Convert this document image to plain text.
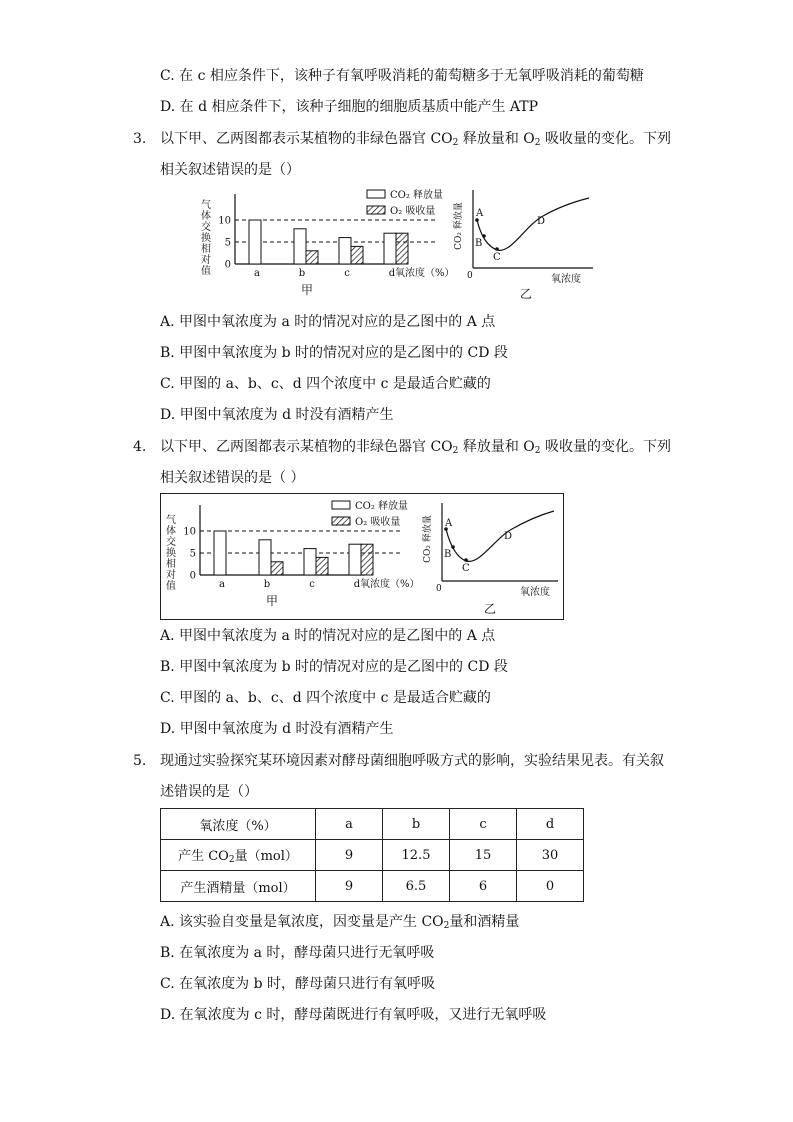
C. 在 c 相应条件下，该种子有氧呼吸消耗的葡萄糖多于无氧呼吸消耗的葡萄糖
D. 在 d 相应条件下，该种子细胞的细胞质基质中能产生 ATP
3. 以下甲、乙两图都表示某植物的非绿色器官 $CO_2$ 释放量和 $O_2$ 吸收量的变化。下列
相关叙述错误的是（）
气
体
交
换
相
对
值
10
5
0
a	b	c	d 氧浓度（%）
CO₂ 释放量
O₂ 吸收量
甲
CO₂ 释放量
0	氧浓度
A
B
C
D
乙
A. 甲图中氧浓度为 a 时的情况对应的是乙图中的 A 点
B. 甲图中氧浓度为 b 时的情况对应的是乙图中的 CD 段
C. 甲图的 a、b、c、d 四个浓度中 c 是最适合贮藏的
D. 甲图中氧浓度为 d 时没有酒精产生
4. 以下甲、乙两图都表示某植物的非绿色器官 $CO_2$ 释放量和 $O_2$ 吸收量的变化。下列
相关叙述错误的是（ ）
气
体
交
换
相
对
值
10
5
0
a	b	c	d 氧浓度（%）
CO₂ 释放量
O₂ 吸收量
甲
CO₂ 释放量
0	氧浓度
A
B
C
D
乙
A. 甲图中氧浓度为 a 时的情况对应的是乙图中的 A 点
B. 甲图中氧浓度为 b 时的情况对应的是乙图中的 CD 段
C. 甲图的 a、b、c、d 四个浓度中 c 是最适合贮藏的
D. 甲图中氧浓度为 d 时没有酒精产生
5. 现通过实验探究某环境因素对酵母菌细胞呼吸方式的影响，实验结果见表。有关叙
述错误的是（）
氧浓度（%）	a	b	c	d
产生 $CO_2$量（mol）	9	12.5	15	30
产生酒精量（mol）	9	6.5	6	0
A. 该实验自变量是氧浓度，因变量是产生 $CO_2$量和酒精量
B. 在氧浓度为 a 时，酵母菌只进行无氧呼吸
C. 在氧浓度为 b 时，酵母菌只进行有氧呼吸
D. 在氧浓度为 c 时，酵母菌既进行有氧呼吸，又进行无氧呼吸
